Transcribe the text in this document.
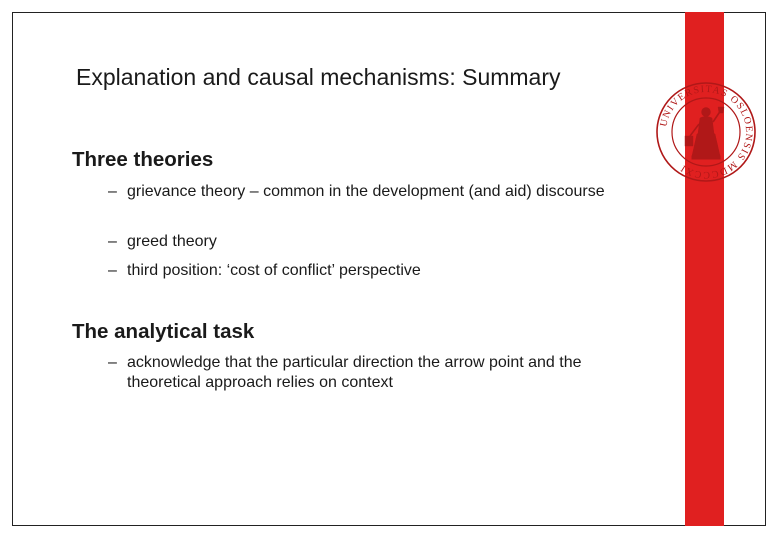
UNIVERSITAS OSLOENSIS MDCCCXI
Explanation and causal mechanisms: Summary
Three theories
– grievance theory – common in the development (and aid) discourse
– greed theory
– third position: ‘cost of conflict’ perspective
The analytical task
– acknowledge that the particular direction the arrow point and the theoretical approach relies on context
